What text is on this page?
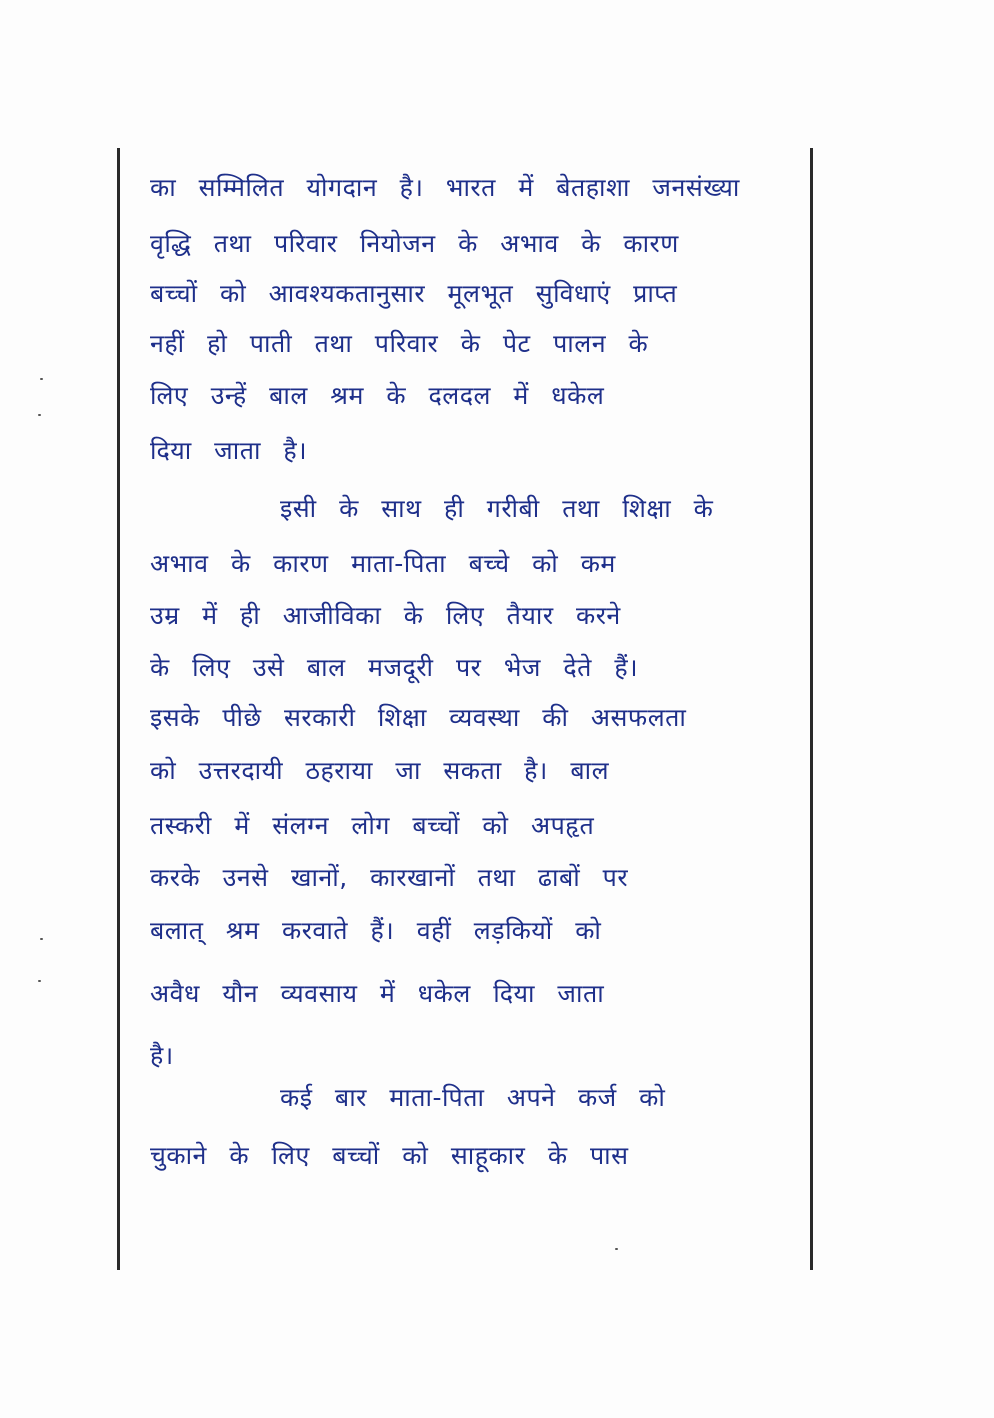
का सम्मिलित योगदान है। भारत में बेतहाशा जनसंख्या
वृद्धि तथा परिवार नियोजन के अभाव के कारण
बच्चों को आवश्यकतानुसार मूलभूत सुविधाएं प्राप्त
नहीं हो पाती तथा परिवार के पेट पालन के
लिए उन्हें बाल श्रम के दलदल में धकेल
दिया जाता है।
इसी के साथ ही गरीबी तथा शिक्षा के
अभाव के कारण माता-पिता बच्चे को कम
उम्र में ही आजीविका के लिए तैयार करने
के लिए उसे बाल मजदूरी पर भेज देते हैं।
इसके पीछे सरकारी शिक्षा व्यवस्था की असफलता
को उत्तरदायी ठहराया जा सकता है। बाल
तस्करी में संलग्न लोग बच्चों को अपहृत
करके उनसे खानों, कारखानों तथा ढाबों पर
बलात् श्रम करवाते हैं। वहीं लड़कियों को
अवैध यौन व्यवसाय में धकेल दिया जाता
है।
कई बार माता-पिता अपने कर्ज को
चुकाने के लिए बच्चों को साहूकार के पास
